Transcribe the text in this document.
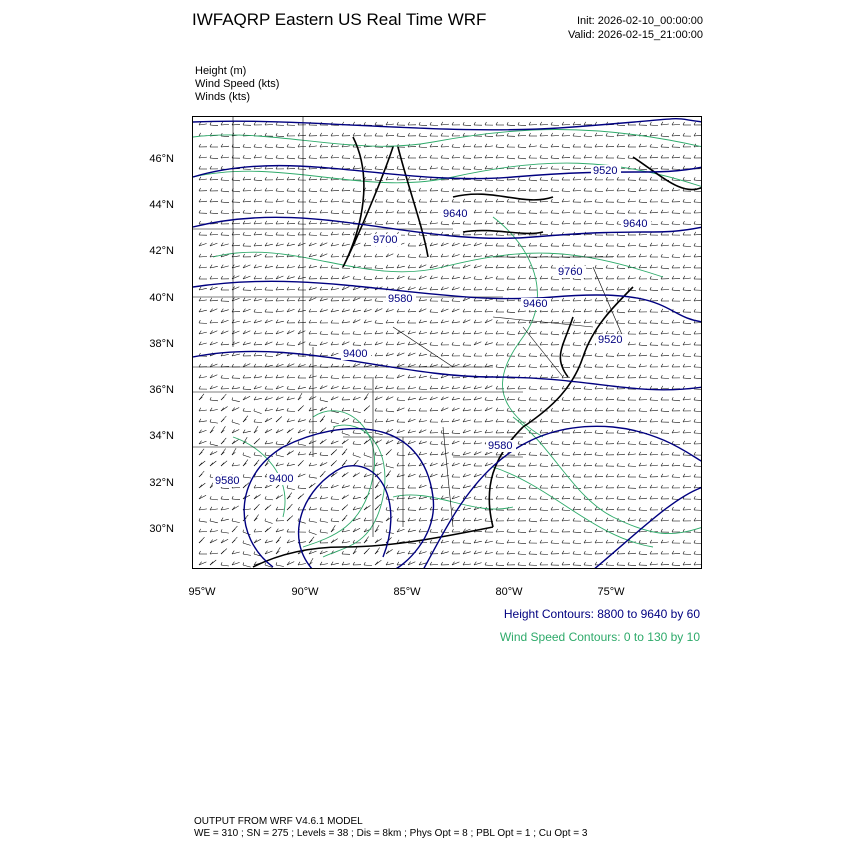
IWFAQRP Eastern US Real Time WRF	Init: 2026-02-10_00:00:00
Valid: 2026-02-15_21:00:00
Height (m)
Wind Speed (kts)
Winds (kts)
9520
9640
9640
9700
9760
9580
9520
9580
9580	9400
9460
9400
46°N
44°N
42°N
40°N
38°N
36°N
34°N
32°N
30°N
95°W	90°W	85°W	80°W	75°W
Height Contours: 8800 to 9640 by 60
Wind Speed Contours: 0 to 130 by 10
OUTPUT FROM WRF V4.6.1 MODEL
WE = 310 ; SN = 275 ; Levels = 38 ; Dis = 8km ; Phys Opt = 8 ; PBL Opt = 1 ; Cu Opt = 3
